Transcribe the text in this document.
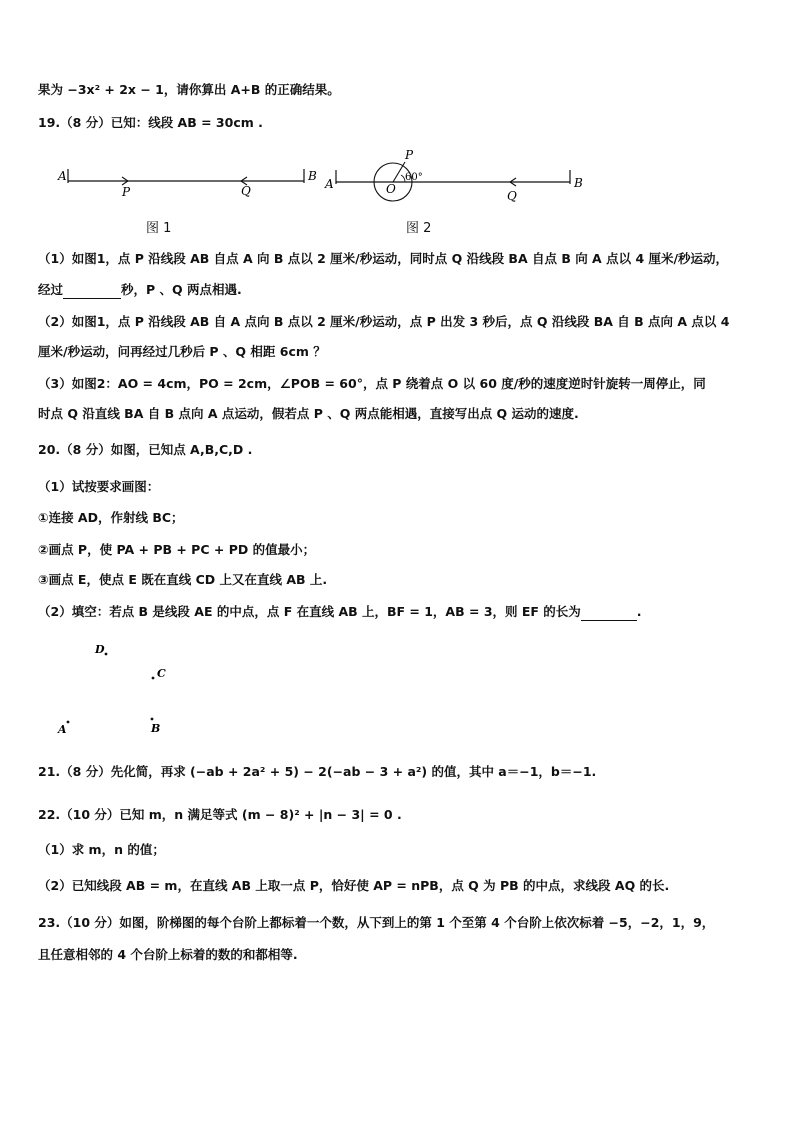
果为 −3x² + 2x − 1，请你算出 A+B 的正确结果。
19.（8 分）已知：线段 AB = 30cm .
A	B
P	Q	A	B
P
O
60°
Q
D
C
A	B
图 1	图 2
（1）如图1，点 P 沿线段 AB 自点 A 向 B 点以 2 厘米/秒运动，同时点 Q 沿线段 BA 自点 B 向 A 点以 4 厘米/秒运动，
经过	秒，P 、Q 两点相遇.
（2）如图1，点 P 沿线段 AB 自 A 点向 B 点以 2 厘米/秒运动，点 P 出发 3 秒后，点 Q 沿线段 BA 自 B 点向 A 点以 4
厘米/秒运动，问再经过几秒后 P 、Q 相距 6cm ？
（3）如图2：AO = 4cm，PO = 2cm，∠POB = 60°，点 P 绕着点 O 以 60 度/秒的速度逆时针旋转一周停止，同
时点 Q 沿直线 BA 自 B 点向 A 点运动，假若点 P 、Q 两点能相遇，直接写出点 Q 运动的速度.
20.（8 分）如图，已知点 A,B,C,D .
（1）试按要求画图：
①连接 AD，作射线 BC；
②画点 P，使 PA + PB + PC + PD 的值最小；
③画点 E，使点 E 既在直线 CD 上又在直线 AB 上.
（2）填空：若点 B 是线段 AE 的中点，点 F 在直线 AB 上，BF = 1，AB = 3，则 EF 的长为	.
21.（8 分）先化简，再求 (−ab + 2a² + 5) − 2(−ab − 3 + a²) 的值，其中 a＝−1，b＝−1.
22.（10 分）已知 m，n 满足等式 (m − 8)² + |n − 3| = 0 .
（1）求 m，n 的值；
（2）已知线段 AB = m，在直线 AB 上取一点 P，恰好使 AP = nPB，点 Q 为 PB 的中点，求线段 AQ 的长.
23.（10 分）如图，阶梯图的每个台阶上都标着一个数，从下到上的第 1 个至第 4 个台阶上依次标着 −5，−2，1，9，
且任意相邻的 4 个台阶上标着的数的和都相等.
